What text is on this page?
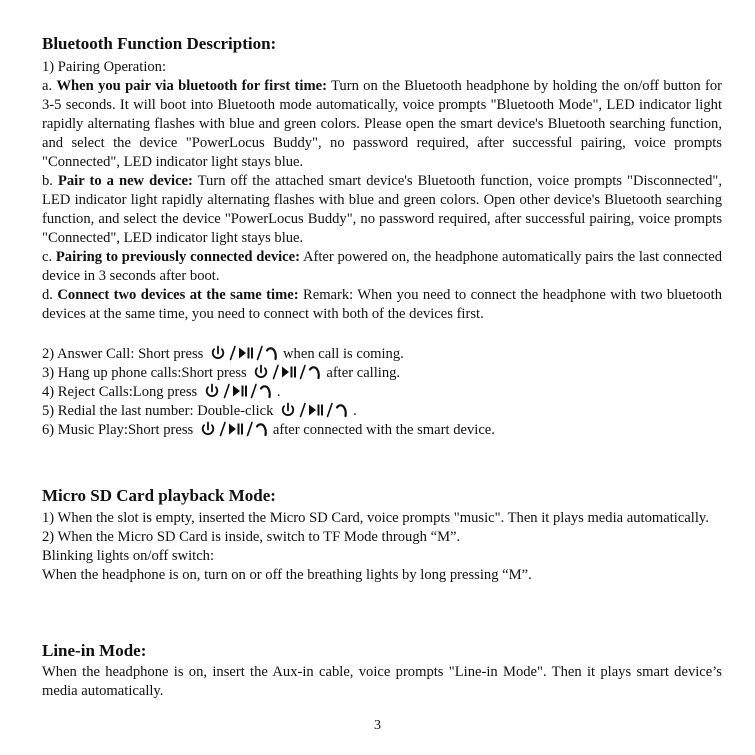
Bluetooth Function Description:

1) Pairing Operation:

a. When you pair via bluetooth for first time: Turn on the Bluetooth headphone by holding the on/off button for 3-5 seconds. It will boot into Bluetooth mode automatically, voice prompts "Bluetooth Mode", LED indicator light rapidly alternating flashes with blue and green colors. Please open the smart device's Bluetooth searching function, and select the device "PowerLocus Buddy", no password required, after successful pairing, voice prompts "Connected", LED indicator light stays blue.

b. Pair to a new device: Turn off the attached smart device's Bluetooth function, voice prompts "Disconnected", LED indicator light rapidly alternating flashes with blue and green colors. Open other device's Bluetooth searching function, and select the device "PowerLocus Buddy", no password required, after successful pairing, voice prompts "Connected", LED indicator light stays blue.

c. Pairing to previously connected device: After powered on, the headphone automatically pairs the last connected device in 3 seconds after boot.

d. Connect two devices at the same time: Remark: When you need to connect the headphone with two bluetooth devices at the same time, you need to connect with both of the devices first.

2) Answer Call: Short press	when call is coming.

3) Hang up phone calls:Short press	after calling.

4) Reject Calls:Long press	.

5) Redial the last number: Double-click	.

6) Music Play:Short press	after connected with the smart device.

Micro SD Card playback Mode:

1) When the slot is empty, inserted the Micro SD Card, voice prompts "music". Then it plays media automatically.

2) When the Micro SD Card is inside, switch to TF Mode through “M”.

Blinking lights on/off switch:

When the headphone is on, turn on or off the breathing lights by long pressing “M”.

Line-in Mode:

When the headphone is on, insert the Aux-in cable, voice prompts "Line-in Mode". Then it plays smart device’s media automatically.

3
